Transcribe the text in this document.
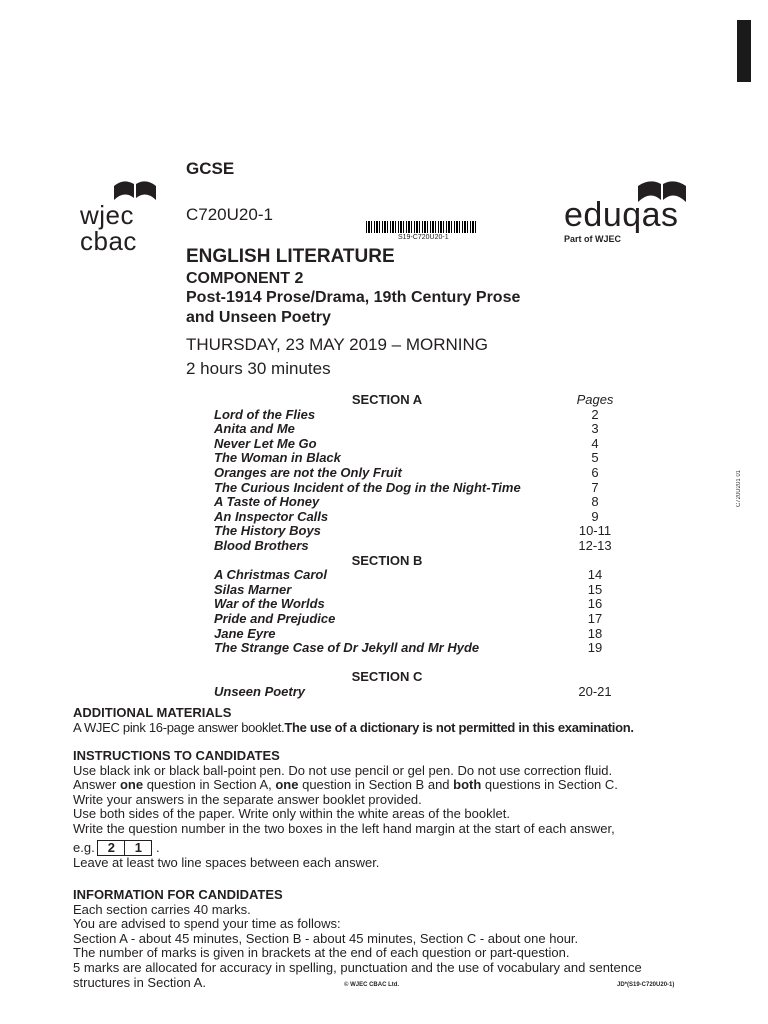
C720U201 01
wjec
cbac
eduqas
Part of WJEC
GCSE
C720U20-1
S19-C720U20-1
ENGLISH LITERATURE
COMPONENT 2
Post-1914 Prose/Drama, 19th Century Prose
and Unseen Poetry
THURSDAY, 23 MAY 2019 – MORNING
2 hours 30 minutes
SECTION A	Pages
Lord of the Flies	2
Anita and Me	3
Never Let Me Go	4
The Woman in Black	5
Oranges are not the Only Fruit	6
The Curious Incident of the Dog in the Night-Time	7
A Taste of Honey	8
An Inspector Calls	9
The History Boys	10-11
Blood Brothers	12-13
SECTION B	
A Christmas Carol	14
Silas Marner	15
War of the Worlds	16
Pride and Prejudice	17
Jane Eyre	18
The Strange Case of Dr Jekyll and Mr Hyde	19

SECTION C	
Unseen Poetry	20-21
ADDITIONAL MATERIALS
A WJEC pink 16-page answer booklet.The use of a dictionary is not permitted in this examination.
INSTRUCTIONS TO CANDIDATES
Use black ink or black ball-point pen. Do not use pencil or gel pen. Do not use correction fluid.
Answer one question in Section A, one question in Section B and both questions in Section C.
Write your answers in the separate answer booklet provided.
Use both sides of the paper. Write only within the white areas of the booklet.
Write the question number in the two boxes in the left hand margin at the start of each answer,
e.g. 2 1 .
Leave at least two line spaces between each answer.
INFORMATION FOR CANDIDATES
Each section carries 40 marks.
You are advised to spend your time as follows:
Section A - about 45 minutes, Section B - about 45 minutes, Section C - about one hour.
The number of marks is given in brackets at the end of each question or part-question.
5 marks are allocated for accuracy in spelling, punctuation and the use of vocabulary and sentence
structures in Section A.	© WJEC CBAC Ltd.	JD*(S19-C720U20-1)
